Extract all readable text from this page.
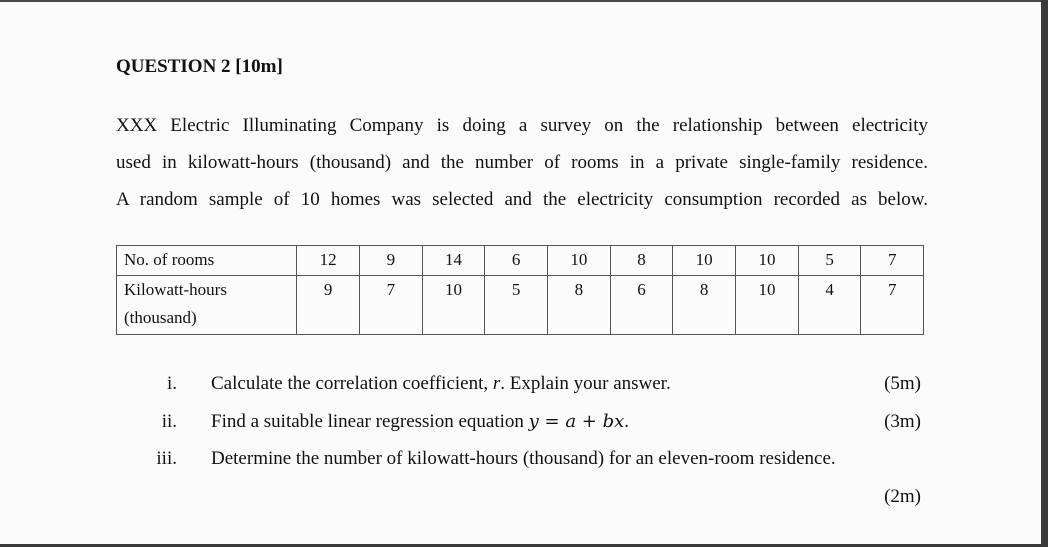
QUESTION 2 [10m]
XXX Electric Illuminating Company is doing a survey on the relationship between electricity
used in kilowatt-hours (thousand) and the number of rooms in a private single-family residence.
A random sample of 10 homes was selected and the electricity consumption recorded as below.
No. of rooms	12	9	14	6	10	8	10	10	5	7
Kilowatt-hours
(thousand)	9	7	10	5	8	6	8	10	4	7
i. Calculate the correlation coefficient, r. Explain your answer.	(5m)
ii. Find a suitable linear regression equation y = a + bx.	(3m)
iii. Determine the number of kilowatt-hours (thousand) for an eleven-room residence.
(2m)
